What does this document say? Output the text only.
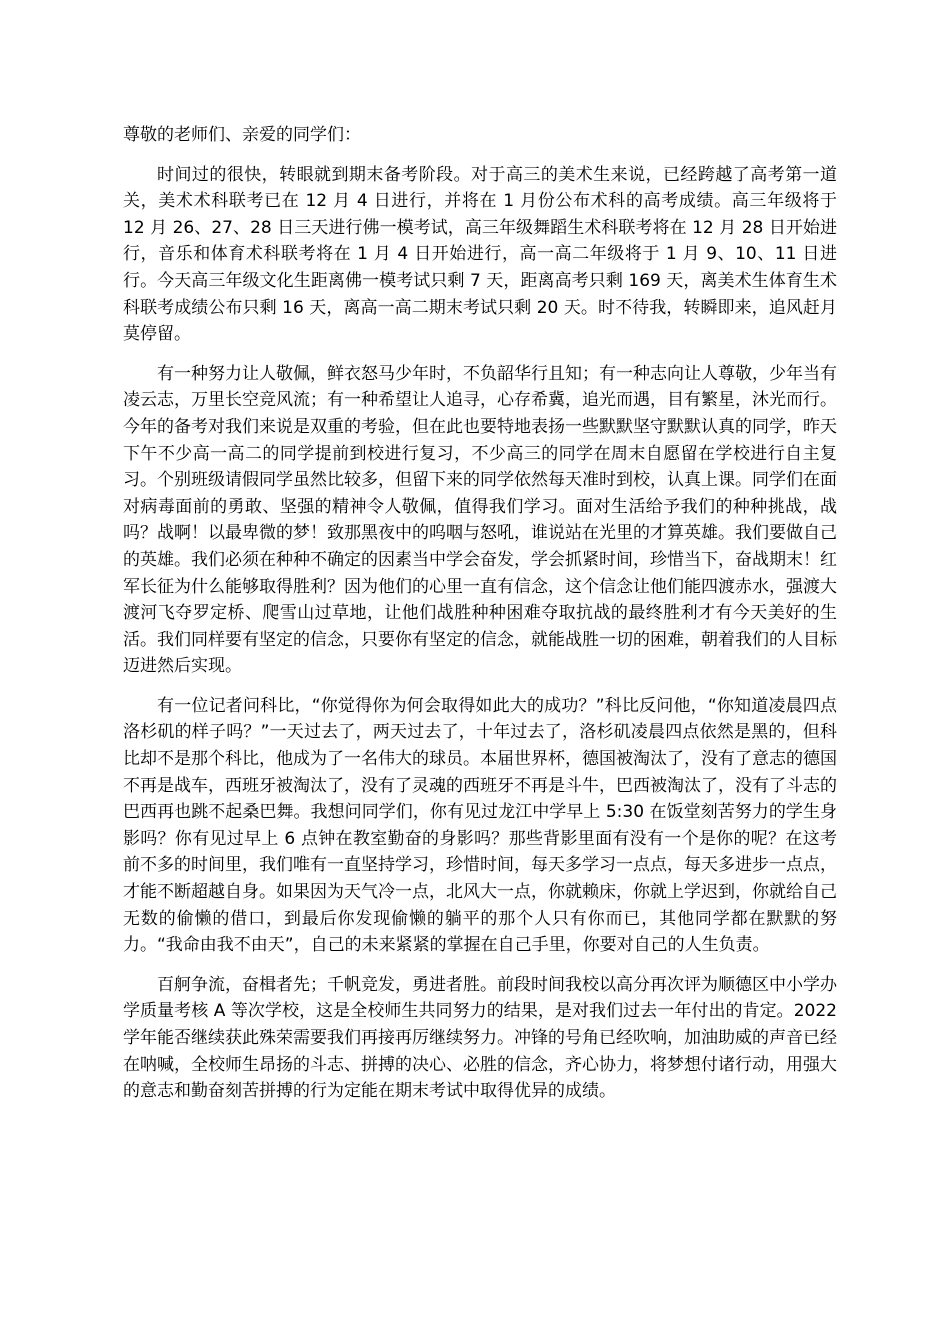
尊敬的老师们、亲爱的同学们：

时间过的很快，转眼就到期末备考阶段。对于高三的美术生来说，已经跨越了高考第一道关，美术术科联考已在 12 月 4 日进行，并将在 1 月份公布术科的高考成绩。高三年级将于 12 月 26、27、28 日三天进行佛一模考试，高三年级舞蹈生术科联考将在 12 月 28 日开始进行，音乐和体育术科联考将在 1 月 4 日开始进行，高一高二年级将于 1 月 9、10、11 日进行。今天高三年级文化生距离佛一模考试只剩 7 天，距离高考只剩 169 天，离美术生体育生术科联考成绩公布只剩 16 天，离高一高二期末考试只剩 20 天。时不待我，转瞬即来，追风赶月莫停留。

有一种努力让人敬佩，鲜衣怒马少年时，不负韶华行且知；有一种志向让人尊敬，少年当有凌云志，万里长空竞风流；有一种希望让人追寻，心存希冀，追光而遇，目有繁星，沐光而行。今年的备考对我们来说是双重的考验，但在此也要特地表扬一些默默坚守默默认真的同学，昨天下午不少高一高二的同学提前到校进行复习，不少高三的同学在周末自愿留在学校进行自主复习。个别班级请假同学虽然比较多，但留下来的同学依然每天准时到校，认真上课。同学们在面对病毒面前的勇敢、坚强的精神令人敬佩，值得我们学习。面对生活给予我们的种种挑战，战吗？战啊！以最卑微的梦！致那黑夜中的呜咽与怒吼，谁说站在光里的才算英雄。我们要做自己的英雄。我们必须在种种不确定的因素当中学会奋发，学会抓紧时间，珍惜当下，奋战期末！红军长征为什么能够取得胜利？因为他们的心里一直有信念，这个信念让他们能四渡赤水，强渡大渡河飞夺罗定桥、爬雪山过草地，让他们战胜种种困难夺取抗战的最终胜利才有今天美好的生活。我们同样要有坚定的信念，只要你有坚定的信念，就能战胜一切的困难，朝着我们的人目标迈进然后实现。

有一位记者问科比，“你觉得你为何会取得如此大的成功？”科比反问他，“你知道凌晨四点洛杉矶的样子吗？”一天过去了，两天过去了，十年过去了，洛杉矶凌晨四点依然是黑的，但科比却不是那个科比，他成为了一名伟大的球员。本届世界杯，德国被淘汰了，没有了意志的德国不再是战车，西班牙被淘汰了，没有了灵魂的西班牙不再是斗牛，巴西被淘汰了，没有了斗志的巴西再也跳不起桑巴舞。我想问同学们，你有见过龙江中学早上 5:30 在饭堂刻苦努力的学生身影吗？你有见过早上 6 点钟在教室勤奋的身影吗？那些背影里面有没有一个是你的呢？在这考前不多的时间里，我们唯有一直坚持学习，珍惜时间，每天多学习一点点，每天多进步一点点，才能不断超越自身。如果因为天气冷一点，北风大一点，你就赖床，你就上学迟到，你就给自己无数的偷懒的借口，到最后你发现偷懒的躺平的那个人只有你而已，其他同学都在默默的努力。“我命由我不由天”，自己的未来紧紧的掌握在自己手里，你要对自己的人生负责。

百舸争流，奋楫者先；千帆竞发，勇进者胜。前段时间我校以高分再次评为顺德区中小学办学质量考核 A 等次学校，这是全校师生共同努力的结果，是对我们过去一年付出的肯定。2022 学年能否继续获此殊荣需要我们再接再厉继续努力。冲锋的号角已经吹响，加油助威的声音已经在呐喊，全校师生昂扬的斗志、拼搏的决心、必胜的信念，齐心协力，将梦想付诸行动，用强大的意志和勤奋刻苦拼搏的行为定能在期末考试中取得优异的成绩。
